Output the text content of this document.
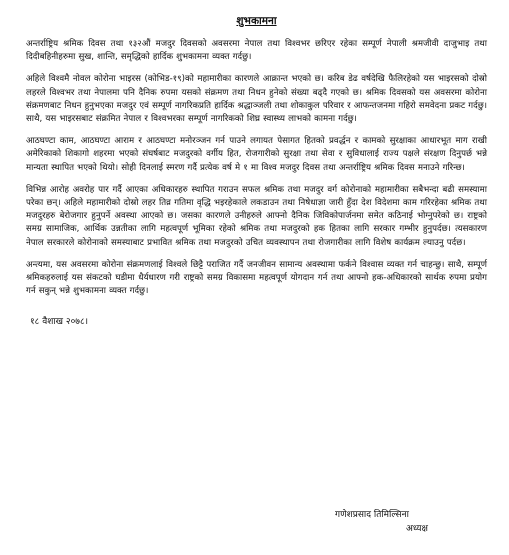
शुभकामना

अन्तर्राष्ट्रिय श्रमिक दिवस तथा १३२औं मजदुर दिवसको अवसरमा नेपाल तथा विश्वभर छरिएर रहेका सम्पूर्ण नेपाली श्रमजीवी दाजुभाइ तथा दिदीबहिनीहरुमा सुख, शान्ति, समृद्धिको हार्दिक शुभकामना व्यक्त गर्दछु।

अहिले विश्वमै नोवल कोरोना भाइरस (कोभिड-१९)को महामारीका कारणले आक्रान्त भएको छ। करिब डेढ वर्षदेखि फैलिरहेको यस भाइरसको दोस्रो लहरले विश्वभर तथा नेपालमा पनि दैनिक रुपमा यसको संक्रमण तथा निधन हुनेको संख्या बढ्दै गएको छ। श्रमिक दिवसको यस अवसरमा कोरोना संक्रमणबाट निधन हुनुभएका मजदुर एवं सम्पूर्ण नागरिकप्रति हार्दिक श्रद्धाञ्जली तथा शोकाकुल परिवार र आफन्तजनमा गहिरो समवेदना प्रकट गर्दछु। साथै, यस भाइरसबाट संक्रमित नेपाल र विश्वभरका सम्पूर्ण नागरिकको शिघ्र स्वास्थ्य लाभको कामना गर्दछु।

आठघण्टा काम, आठघण्टा आराम र आठघण्टा मनोरञ्जन गर्न पाउने लगायत पेसागत हितको प्रवर्द्धन र कामको सुरक्षाका आधारभूत माग राखी अमेरिकाको शिकागो शहरमा भएको संघर्षबाट मजदुरको वर्गीय हित, रोजगारीको सुरक्षा तथा सेवा र सुविधालाई राज्य पक्षले संरक्षण दिनुपर्छ भन्ने मान्यता स्थापित भएको थियो। सोही दिनलाई स्मरण गर्दै प्रत्येक वर्ष मे १ मा विश्व मजदुर दिवस तथा अन्तर्राष्ट्रिय श्रमिक दिवस मनाउने गरिन्छ।

विभिन्न आरोह अवरोह पार गर्दै आएका अधिकारहरु स्थापित गराउन सफल श्रमिक तथा मजदुर वर्ग कोरोनाको महामारीका सबैभन्दा बढी समस्यामा परेका छन्। अहिले महामारीको दोस्रो लहर तिव्र गतिमा वृद्धि भइरहेकाले लकडाउन तथा निषेधाज्ञा जारी हुँदा देश विदेशमा काम गरिरहेका श्रमिक तथा मजदुरहरु बेरोजगार हुनुपर्ने अवस्था आएको छ। जसका कारणले उनीहरुले आफ्नो दैनिक जिविकोपार्जनमा समेत कठिनाई भोग्नुपरेको छ। राष्ट्रको समग्र सामाजिक, आर्थिक उन्नतीका लागि महत्वपूर्ण भूमिका रहेको श्रमिक तथा मजदुरको हक हितका लागि सरकार गम्भीर हुनुपर्दछ। त्यसकारण नेपाल सरकारले कोरोनाको समस्याबाट प्रभावित श्रमिक तथा मजदुरको उचित व्यवस्थापन तथा रोजगारीका लागि विशेष कार्यक्रम ल्याउनु पर्दछ।

अन्त्यमा, यस अवसरमा कोरोना संक्रमणलाई विश्वले छिट्टै पराजित गर्दै जनजीवन सामान्य अवस्थामा फर्कने विश्वास व्यक्त गर्न चाहन्छु। साथै, सम्पूर्ण श्रमिकहरुलाई यस संकटको घडीमा धैर्यधारण गरी राष्ट्रको समग्र विकासमा महत्वपूर्ण योगदान गर्न तथा आफ्नो हक-अधिकारको सार्थक रुपमा प्रयोग गर्न सकुन् भन्ने शुभकामना व्यक्त गर्दछु।

१८ वैशाख २०७८।
गणेशप्रसाद तिमिल्सिना
अध्यक्ष
